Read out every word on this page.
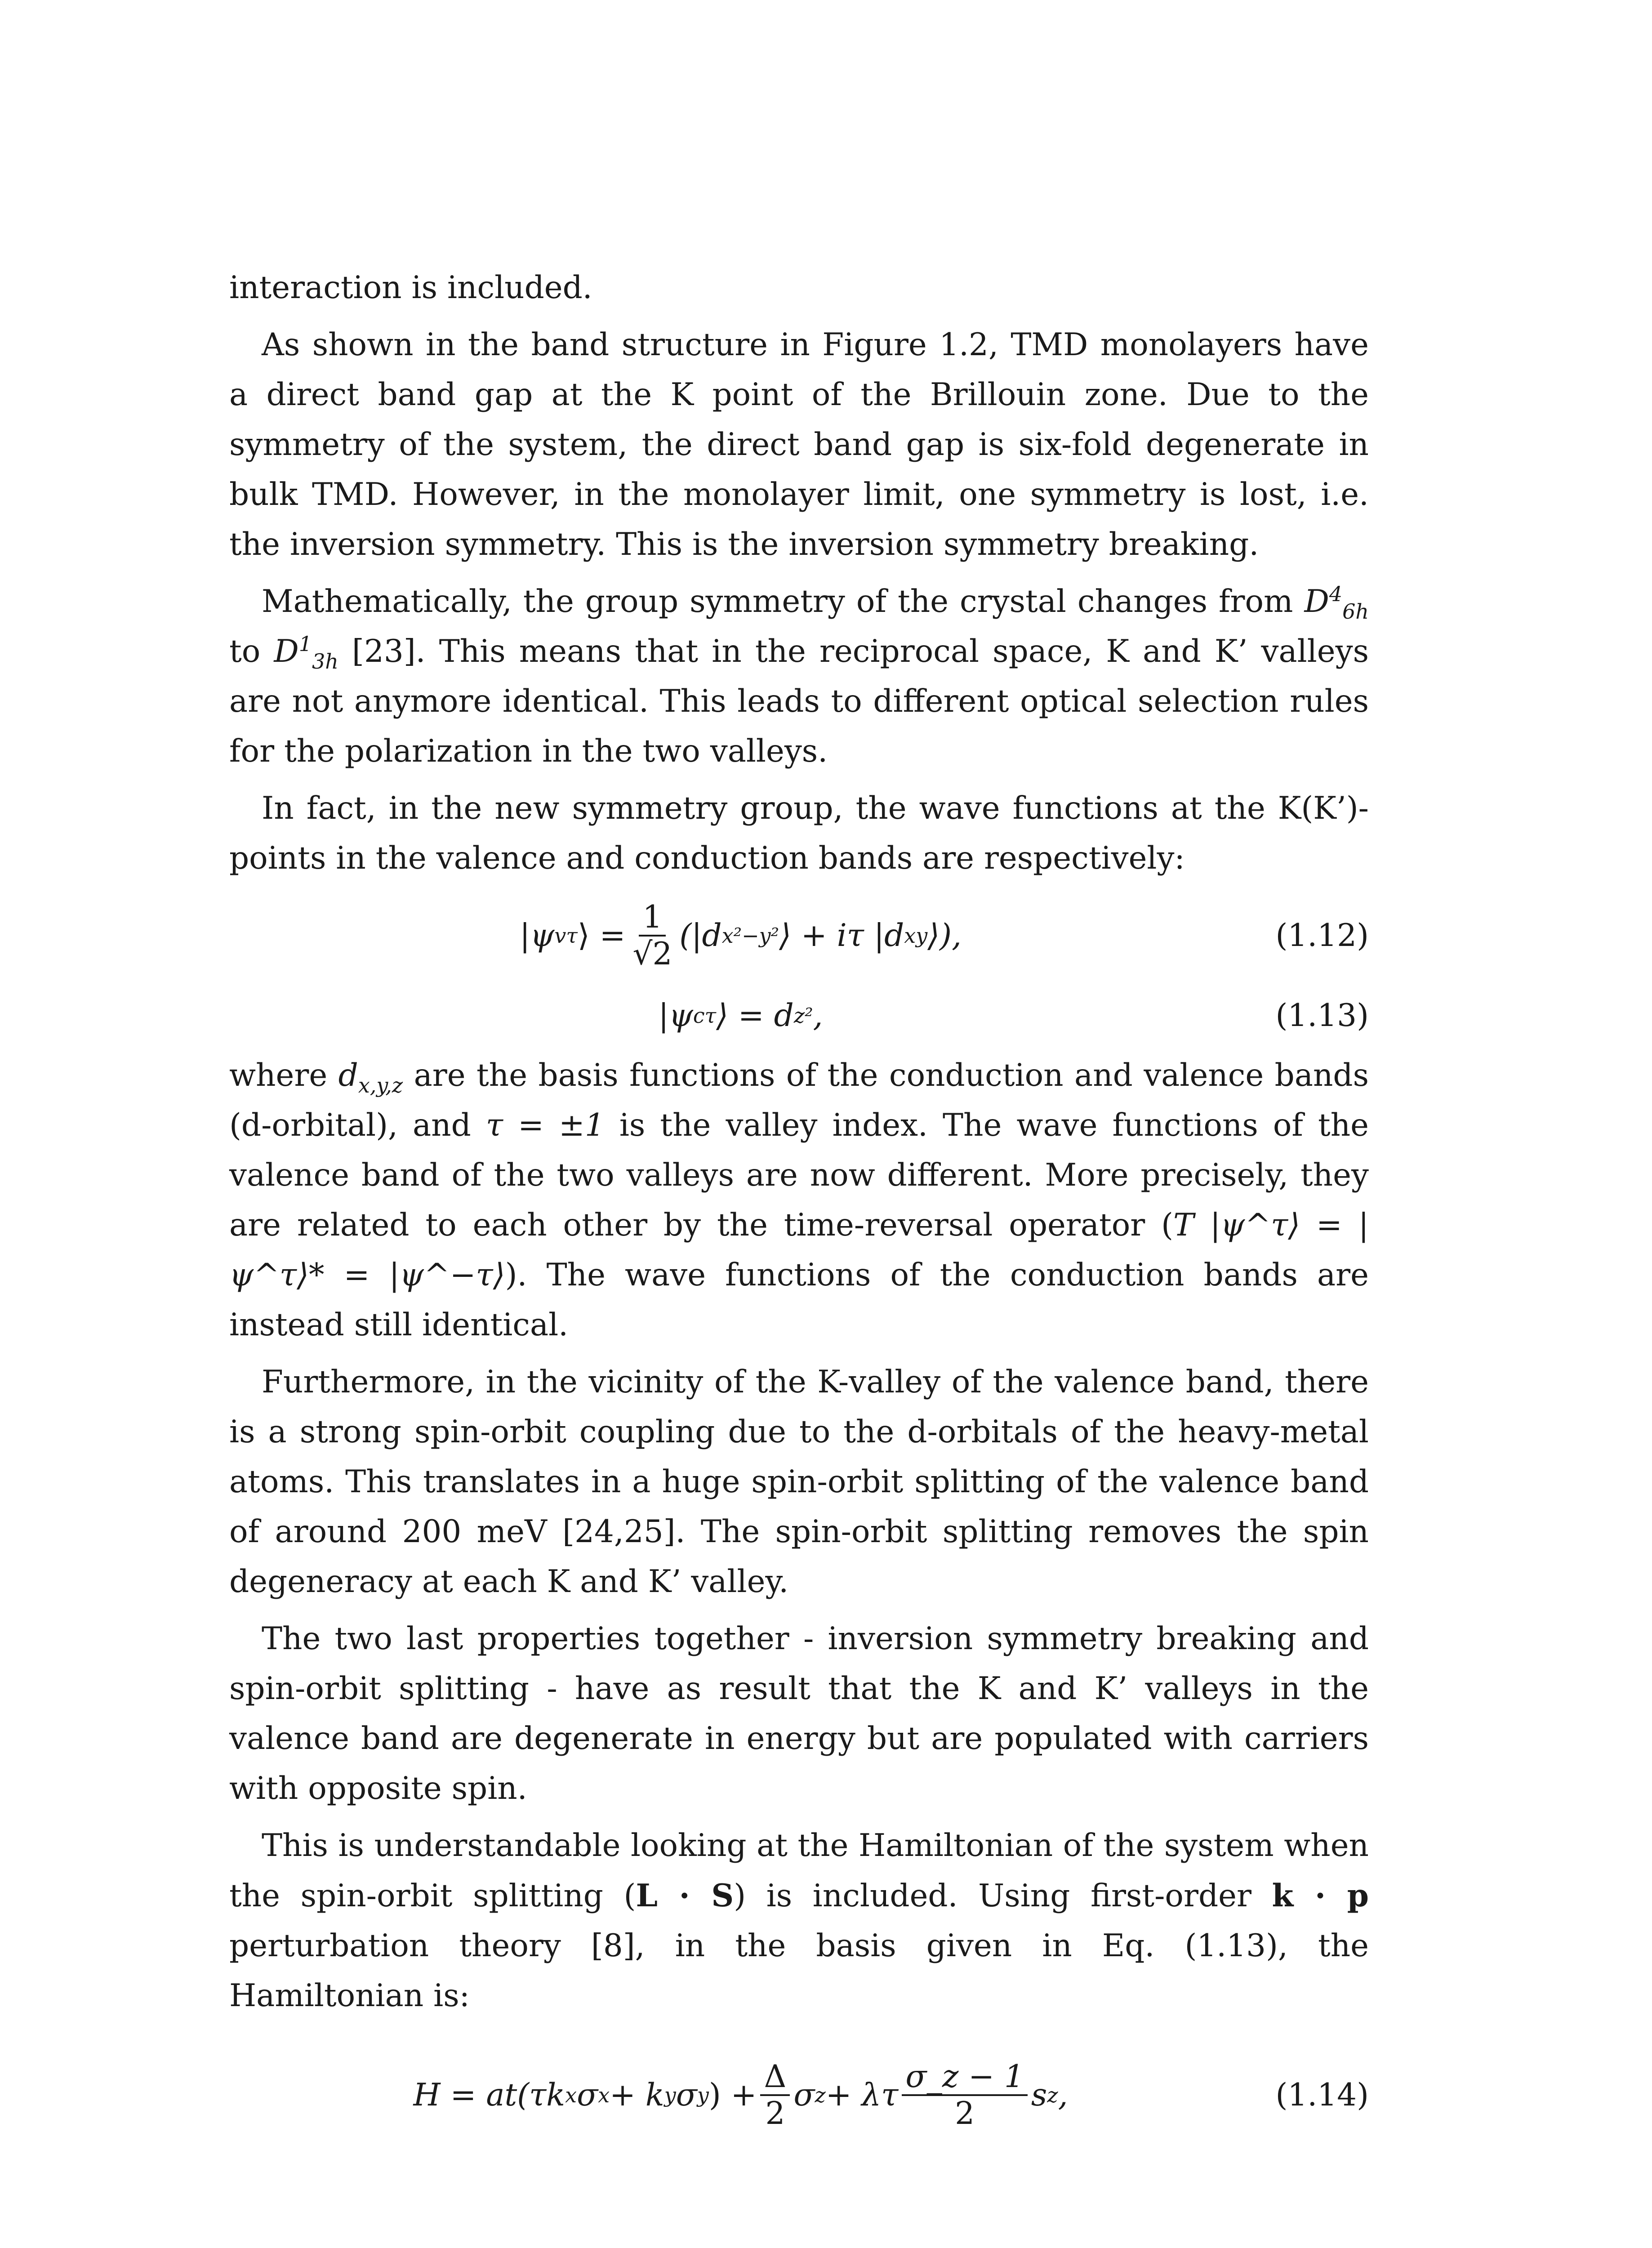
interaction is included.

As shown in the band structure in Figure 1.2, TMD monolayers have a direct band gap at the K point of the Brillouin zone. Due to the symmetry of the system, the direct band gap is six-fold degenerate in bulk TMD. However, in the monolayer limit, one symmetry is lost, i.e. the inversion symmetry. This is the inversion symmetry breaking.

Mathematically, the group symmetry of the crystal changes from $D^4_{6h}$ to $D^1_{3h}$ [23]. This means that in the reciprocal space, K and K’ valleys are not anymore identical. This leads to different optical selection rules for the polarization in the two valleys.

In fact, in the new symmetry group, the wave functions at the K(K’)-points in the valence and conduction bands are respectively:

|ψ v τ ⟩ = $\frac{1}{√2} (|d$ x²−y² ⟩ + iτ |d xy ⟩),	(1.12)
|ψ c τ ⟩ = d z² ,	(1.13)

where $d_{x,y,z}$ are the basis functions of the conduction and valence bands (d-orbital), and τ = ±1 is the valley index. The wave functions of the valence band of the two valleys are now different. More precisely, they are related to each other by the time-reversal operator (T |ψ^τ⟩ = |ψ^τ⟩* = |ψ^−τ⟩). The wave functions of the conduction bands are instead still identical.

Furthermore, in the vicinity of the K-valley of the valence band, there is a strong spin-orbit coupling due to the d-orbitals of the heavy-metal atoms. This translates in a huge spin-orbit splitting of the valence band of around 200 meV [24,25]. The spin-orbit splitting removes the spin degeneracy at each K and K’ valley.

The two last properties together - inversion symmetry breaking and spin-orbit splitting - have as result that the K and K’ valleys in the valence band are degenerate in energy but are populated with carriers with opposite spin.

This is understandable looking at the Hamiltonian of the system when the spin-orbit splitting (L · S) is included. Using first-order k · p perturbation theory [8], in the basis given in Eq. (1.13), the Hamiltonian is:

H = at(τk x σ x + k y σ y ) + $\frac{\Delta}{2}$ σ z + λτ $\frac{\sigma\_z - 1}{2}$ s z ,	(1.14)
